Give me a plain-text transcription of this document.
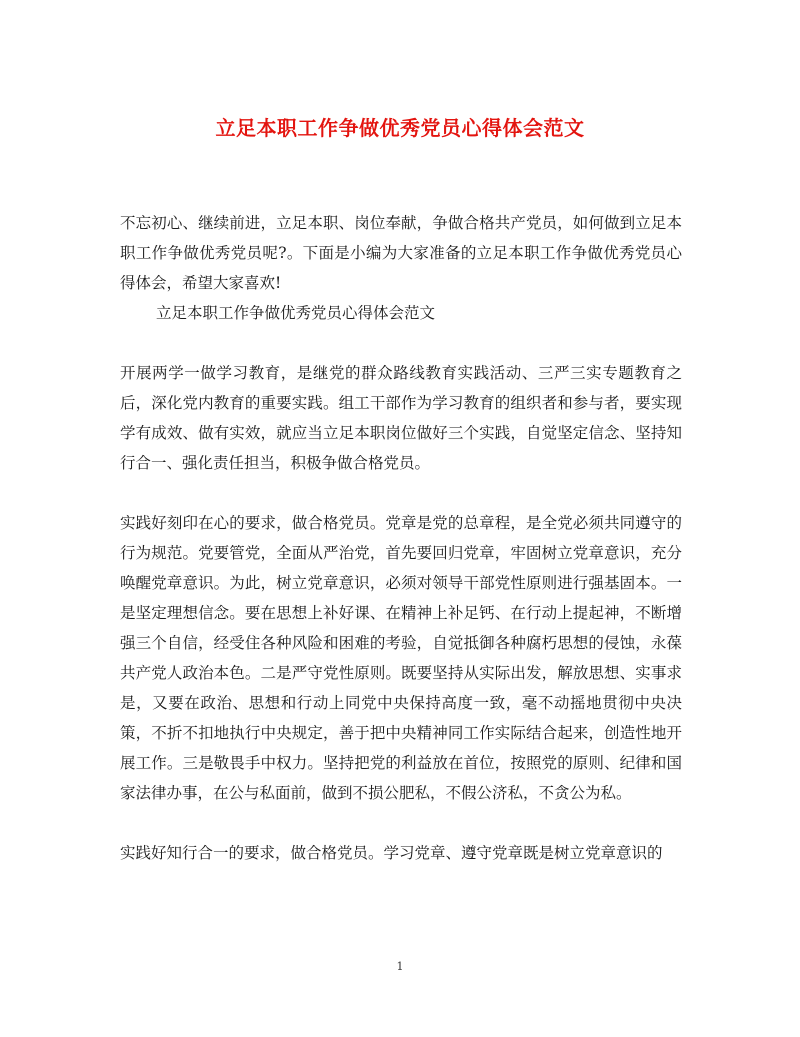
立足本职工作争做优秀党员心得体会范文

不忘初心、继续前进，立足本职、岗位奉献，争做合格共产党员，如何做到立足本职工作争做优秀党员呢?。下面是小编为大家准备的立足本职工作争做优秀党员心得体会，希望大家喜欢!

立足本职工作争做优秀党员心得体会范文

开展两学一做学习教育，是继党的群众路线教育实践活动、三严三实专题教育之后，深化党内教育的重要实践。组工干部作为学习教育的组织者和参与者，要实现学有成效、做有实效，就应当立足本职岗位做好三个实践，自觉坚定信念、坚持知行合一、强化责任担当，积极争做合格党员。

实践好刻印在心的要求，做合格党员。党章是党的总章程，是全党必须共同遵守的行为规范。党要管党，全面从严治党，首先要回归党章，牢固树立党章意识，充分唤醒党章意识。为此，树立党章意识，必须对领导干部党性原则进行强基固本。一是坚定理想信念。要在思想上补好课、在精神上补足钙、在行动上提起神，不断增强三个自信，经受住各种风险和困难的考验，自觉抵御各种腐朽思想的侵蚀，永葆共产党人政治本色。二是严守党性原则。既要坚持从实际出发，解放思想、实事求是，又要在政治、思想和行动上同党中央保持高度一致，毫不动摇地贯彻中央决策，不折不扣地执行中央规定，善于把中央精神同工作实际结合起来，创造性地开展工作。三是敬畏手中权力。坚持把党的利益放在首位，按照党的原则、纪律和国家法律办事，在公与私面前，做到不损公肥私，不假公济私，不贪公为私。

实践好知行合一的要求，做合格党员。学习党章、遵守党章既是树立党章意识的

1
